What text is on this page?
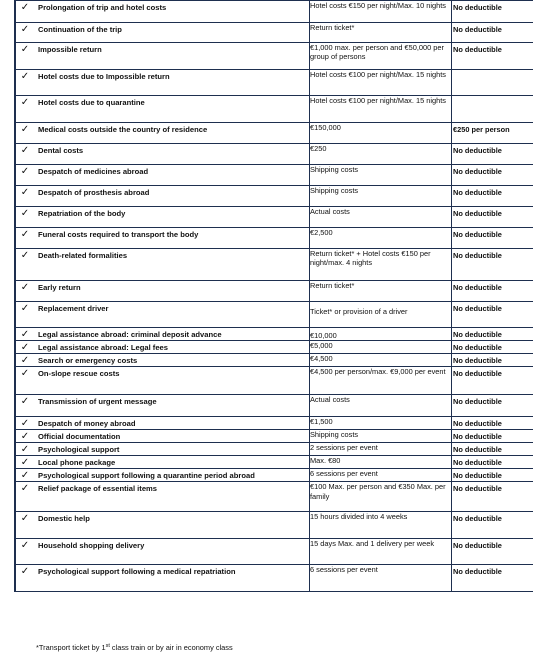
✓	Prolongation of trip and hotel costs	Hotel costs €150 per night/Max. 10 nights	No deductible

✓	Continuation of the trip	Return ticket*	No deductible

✓	Impossible return	€1,000 max. per person and €50,000 per group of persons	No deductible

✓	Hotel costs due to Impossible return	Hotel costs €100 per night/Max. 15 nights	

✓	Hotel costs due to quarantine	Hotel costs €100 per night/Max. 15 nights	

✓	Medical costs outside the country of residence	€150,000	€250 per person

✓	Dental costs	€250	No deductible

✓	Despatch of medicines abroad	Shipping costs	No deductible

✓	Despatch of prosthesis abroad	Shipping costs	No deductible

✓	Repatriation of the body	Actual costs	No deductible

✓	Funeral costs required to transport the body	€2,500	No deductible

✓	Death-related formalities	Return ticket* + Hotel costs €150 per night/max. 4 nights	No deductible

✓	Early return	Return ticket*	No deductible

✓	Replacement driver	Ticket* or provision of a driver	No deductible

✓	Legal assistance abroad: criminal deposit advance	€10,000	No deductible

✓	Legal assistance abroad: Legal fees	€5,000	No deductible

✓	Search or emergency costs	€4,500	No deductible

✓	On-slope rescue costs	€4,500 per person/max. €9,000 per event	No deductible

✓	Transmission of urgent message	Actual costs	No deductible

✓	Despatch of money abroad	€1,500	No deductible

✓	Official documentation	Shipping costs	No deductible

✓	Psychological support	2 sessions per event	No deductible

✓	Local phone package	Max. €80	No deductible

✓	Psychological support following a quarantine period abroad	6 sessions per event	No deductible

✓	Relief package of essential items	€100 Max. per person and €350 Max. per family	No deductible

✓	Domestic help	15 hours divided into 4 weeks	No deductible

✓	Household shopping delivery	15 days Max. and 1 delivery per week	No deductible

✓	Psychological support following a medical repatriation	6 sessions per event	No deductible
*Transport ticket by 1st class train or by air in economy class
